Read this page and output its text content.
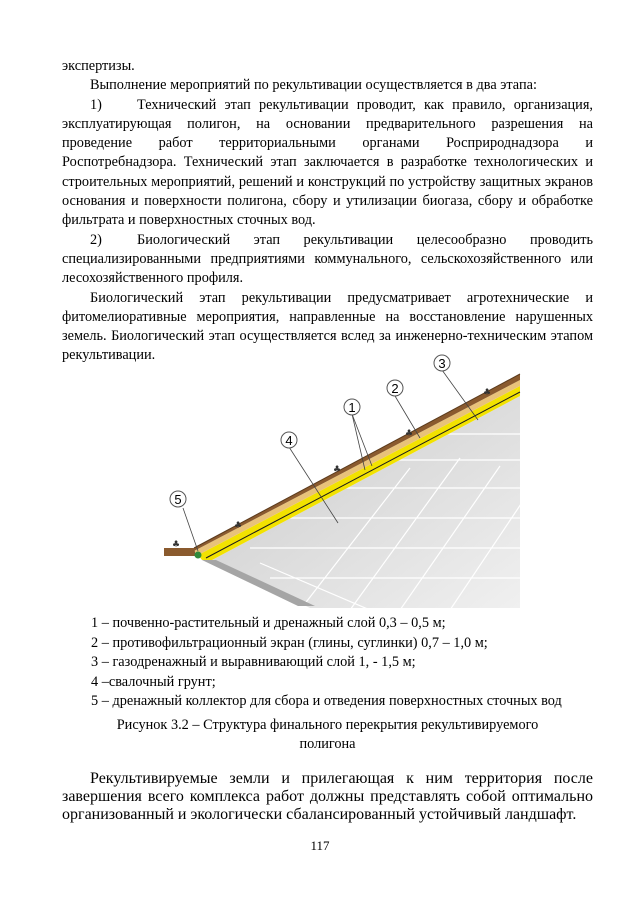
экспертизы.

Выполнение мероприятий по рекультивации осуществляется в два этапа:

1) Технический этап рекультивации проводит, как правило, организация, эксплуатирующая полигон, на основании предварительного разрешения на проведение работ территориальными органами Росприроднадзора и Роспотребнадзора. Технический этап заключается в разработке технологических и строительных мероприятий, решений и конструкций по устройству защитных экранов основания и поверхности полигона, сбору и утилизации биогаза, сбору и обработке фильтрата и поверхностных сточных вод.

2) Биологический этап рекультивации целесообразно проводить специализированными предприятиями коммунального, сельскохозяйственного или лесохозяйственного профиля.

Биологический этап рекультивации предусматривает агротехнические и фитомелиоративные мероприятия, направленные на восстановление нарушенных земель. Биологический этап осуществляется вслед за инженерно-техническим этапом рекультивации.

♣
♣
♣
♣
♣
1
2
3
4
5
1 – почвенно-растительный и дренажный слой 0,3 – 0,5 м;
2 – противофильтрационный экран (глины, суглинки) 0,7 – 1,0 м;
3 – газодренажный и выравнивающий слой 1, - 1,5 м;
4 –свалочный грунт;
5 – дренажный коллектор для сбора и отведения поверхностных сточных вод
Рисунок 3.2 – Структура финального перекрытия рекультивируемого
полигона

Рекультивируемые земли и прилегающая к ним территория после завершения всего комплекса работ должны представлять собой оптимально организованный и экологически сбалансированный устойчивый ландшафт.

117
